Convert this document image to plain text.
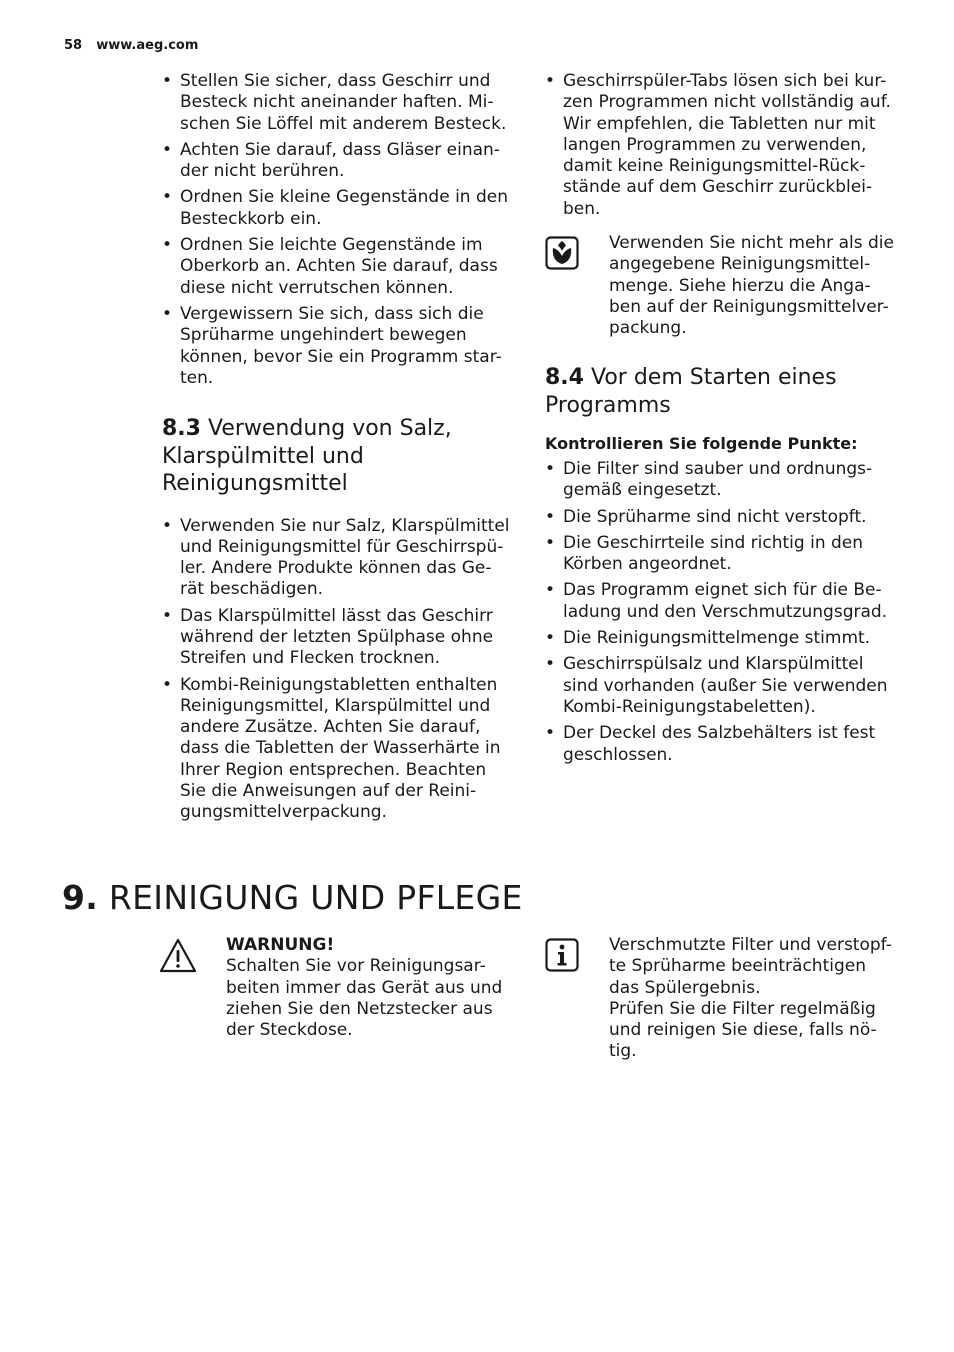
58 www.aeg.com
• Stellen Sie sicher, dass Geschirr und Besteck nicht aneinander haften. Mi-schen Sie Löffel mit anderem Besteck.
• Achten Sie darauf, dass Gläser einan-der nicht berühren.
• Ordnen Sie kleine Gegenstände in den Besteckkorb ein.
• Ordnen Sie leichte Gegenstände im Oberkorb an. Achten Sie darauf, dass diese nicht verrutschen können.
• Vergewissern Sie sich, dass sich die Sprüharme ungehindert bewegen können, bevor Sie ein Programm star-ten.
8.3 Verwendung von Salz, Klarspülmittel und Reinigungsmittel
• Verwenden Sie nur Salz, Klarspülmittel und Reinigungsmittel für Geschirrspü-ler. Andere Produkte können das Ge-rät beschädigen.
• Das Klarspülmittel lässt das Geschirr während der letzten Spülphase ohne Streifen und Flecken trocknen.
• Kombi-Reinigungstabletten enthalten Reinigungsmittel, Klarspülmittel und andere Zusätze. Achten Sie darauf, dass die Tabletten der Wasserhärte in Ihrer Region entsprechen. Beachten Sie die Anweisungen auf der Reini-gungsmittelverpackung.
• Geschirrspüler-Tabs lösen sich bei kur-zen Programmen nicht vollständig auf. Wir empfehlen, die Tabletten nur mit langen Programmen zu verwenden, damit keine Reinigungsmittel-Rück-stände auf dem Geschirr zurückblei-ben.
Verwenden Sie nicht mehr als die angegebene Reinigungsmittel-menge. Siehe hierzu die Anga-ben auf der Reinigungsmittelver-packung.
8.4 Vor dem Starten eines Programms
Kontrollieren Sie folgende Punkte:
• Die Filter sind sauber und ordnungs-gemäß eingesetzt.
• Die Sprüharme sind nicht verstopft.
• Die Geschirrteile sind richtig in den Körben angeordnet.
• Das Programm eignet sich für die Be-ladung und den Verschmutzungsgrad.
• Die Reinigungsmittelmenge stimmt.
• Geschirrspülsalz und Klarspülmittel sind vorhanden (außer Sie verwenden Kombi-Reinigungstabeletten).
• Der Deckel des Salzbehälters ist fest geschlossen.
9. REINIGUNG UND PFLEGE
WARNUNG!
Schalten Sie vor Reinigungsar-beiten immer das Gerät aus und ziehen Sie den Netzstecker aus der Steckdose.
Verschmutzte Filter und verstopf-te Sprüharme beeinträchtigen das Spülergebnis.
Prüfen Sie die Filter regelmäßig und reinigen Sie diese, falls nö-tig.
